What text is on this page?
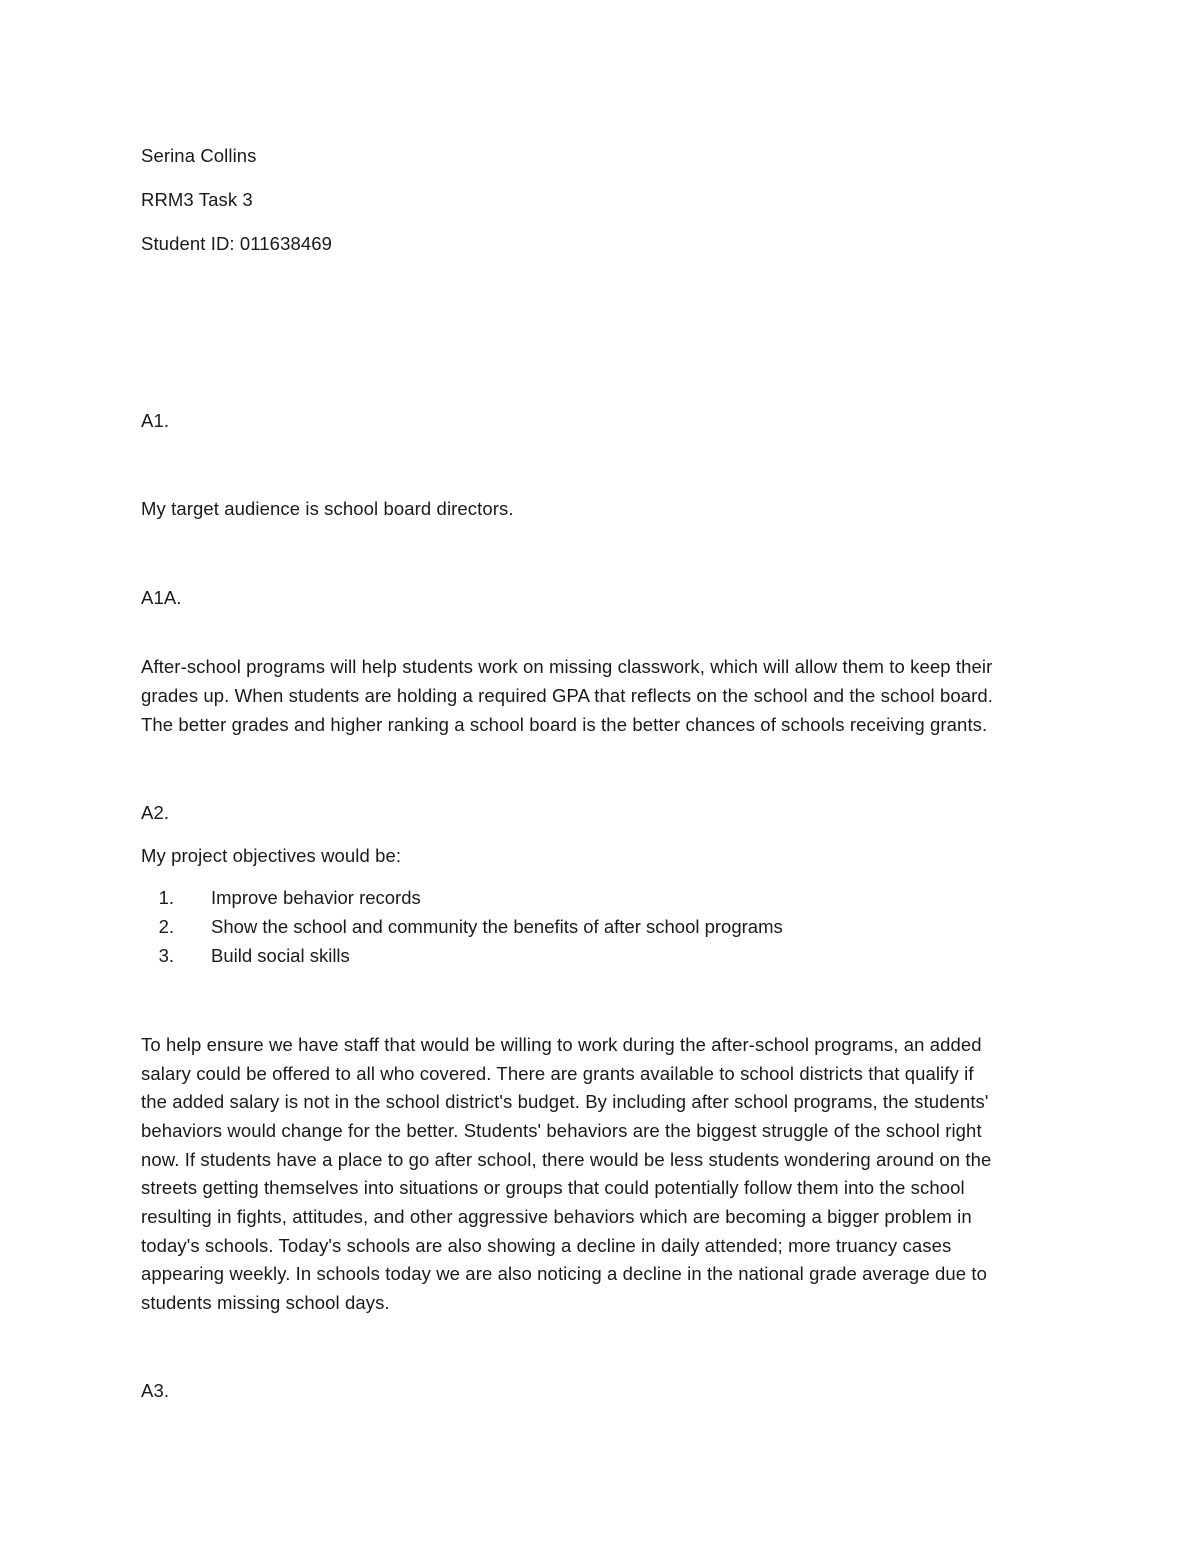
Serina Collins
RRM3 Task 3
Student ID: 011638469
A1.
My target audience is school board directors.
A1A.
After-school programs will help students work on missing classwork, which will allow them to keep their
grades up. When students are holding a required GPA that reflects on the school and the school board.
The better grades and higher ranking a school board is the better chances of schools receiving grants.
A2.
My project objectives would be:
1. Improve behavior records
2. Show the school and community the benefits of after school programs
3. Build social skills
To help ensure we have staff that would be willing to work during the after-school programs, an added
salary could be offered to all who covered. There are grants available to school districts that qualify if
the added salary is not in the school district's budget. By including after school programs, the students'
behaviors would change for the better. Students' behaviors are the biggest struggle of the school right
now. If students have a place to go after school, there would be less students wondering around on the
streets getting themselves into situations or groups that could potentially follow them into the school
resulting in fights, attitudes, and other aggressive behaviors which are becoming a bigger problem in
today's schools. Today's schools are also showing a decline in daily attended; more truancy cases
appearing weekly. In schools today we are also noticing a decline in the national grade average due to
students missing school days.
A3.
